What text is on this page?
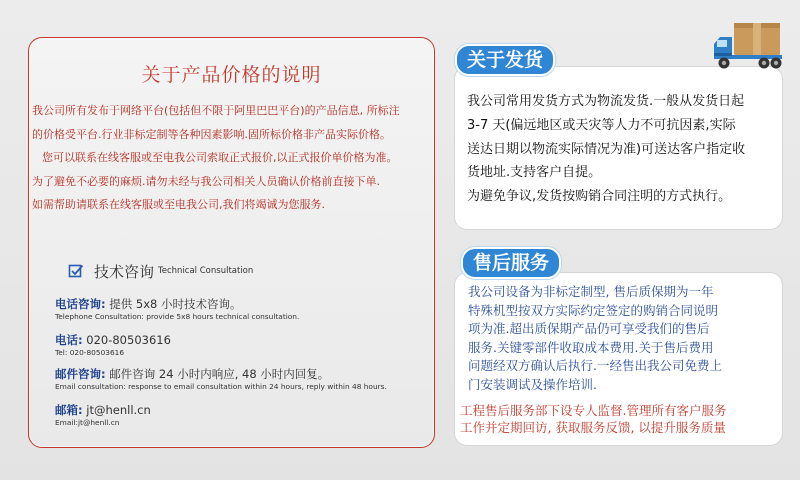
关于产品价格的说明

我公司所有发布于网络平台(包括但不限于阿里巴巴平台)的产品信息, 所标注的价格受平台.行业非标定制等各种因素影响.固所标价格非产品实际价格。

您可以联系在线客服或至电我公司索取正式报价,以正式报价单价格为准。 为了避免不必要的麻烦.请勿未经与我公司相关人员确认价格前直接下单.

如需帮助请联系在线客服或至电我公司,我们将竭诚为您服务.

技术咨询 Technical Consultation
电话咨询: 提供 5x8 小时技术咨询。
Telephone Consultation: provide 5x8 hours technical consultation.
电话: 020-80503616
Tel: 020-80503616
邮件咨询: 邮件咨询 24 小时内响应, 48 小时内回复。
Email consultation: response to email consultation within 24 hours, reply within 48 hours.
邮箱: jt@henll.cn
Email:jt@henll.cn
关于发货

我公司常用发货方式为物流发货.一般从发货日起

3-7 天(偏远地区或天灾等人力不可抗因素,实际

送达日期以物流实际情况为准)可送达客户指定收

货地址.支持客户自提。

为避免争议,发货按购销合同注明的方式执行。

售后服务

我公司设备为非标定制型, 售后质保期为一年

特殊机型按双方实际约定签定的购销合同说明

项为准.超出质保期产品仍可享受我们的售后

服务.关键零部件收取成本费用.关于售后费用

问题经双方确认后执行.一经售出我公司免费上

门安装调试及操作培训.

工程售后服务部下设专人监督.管理所有客户服务

工作并定期回访, 获取服务反馈, 以提升服务质量
